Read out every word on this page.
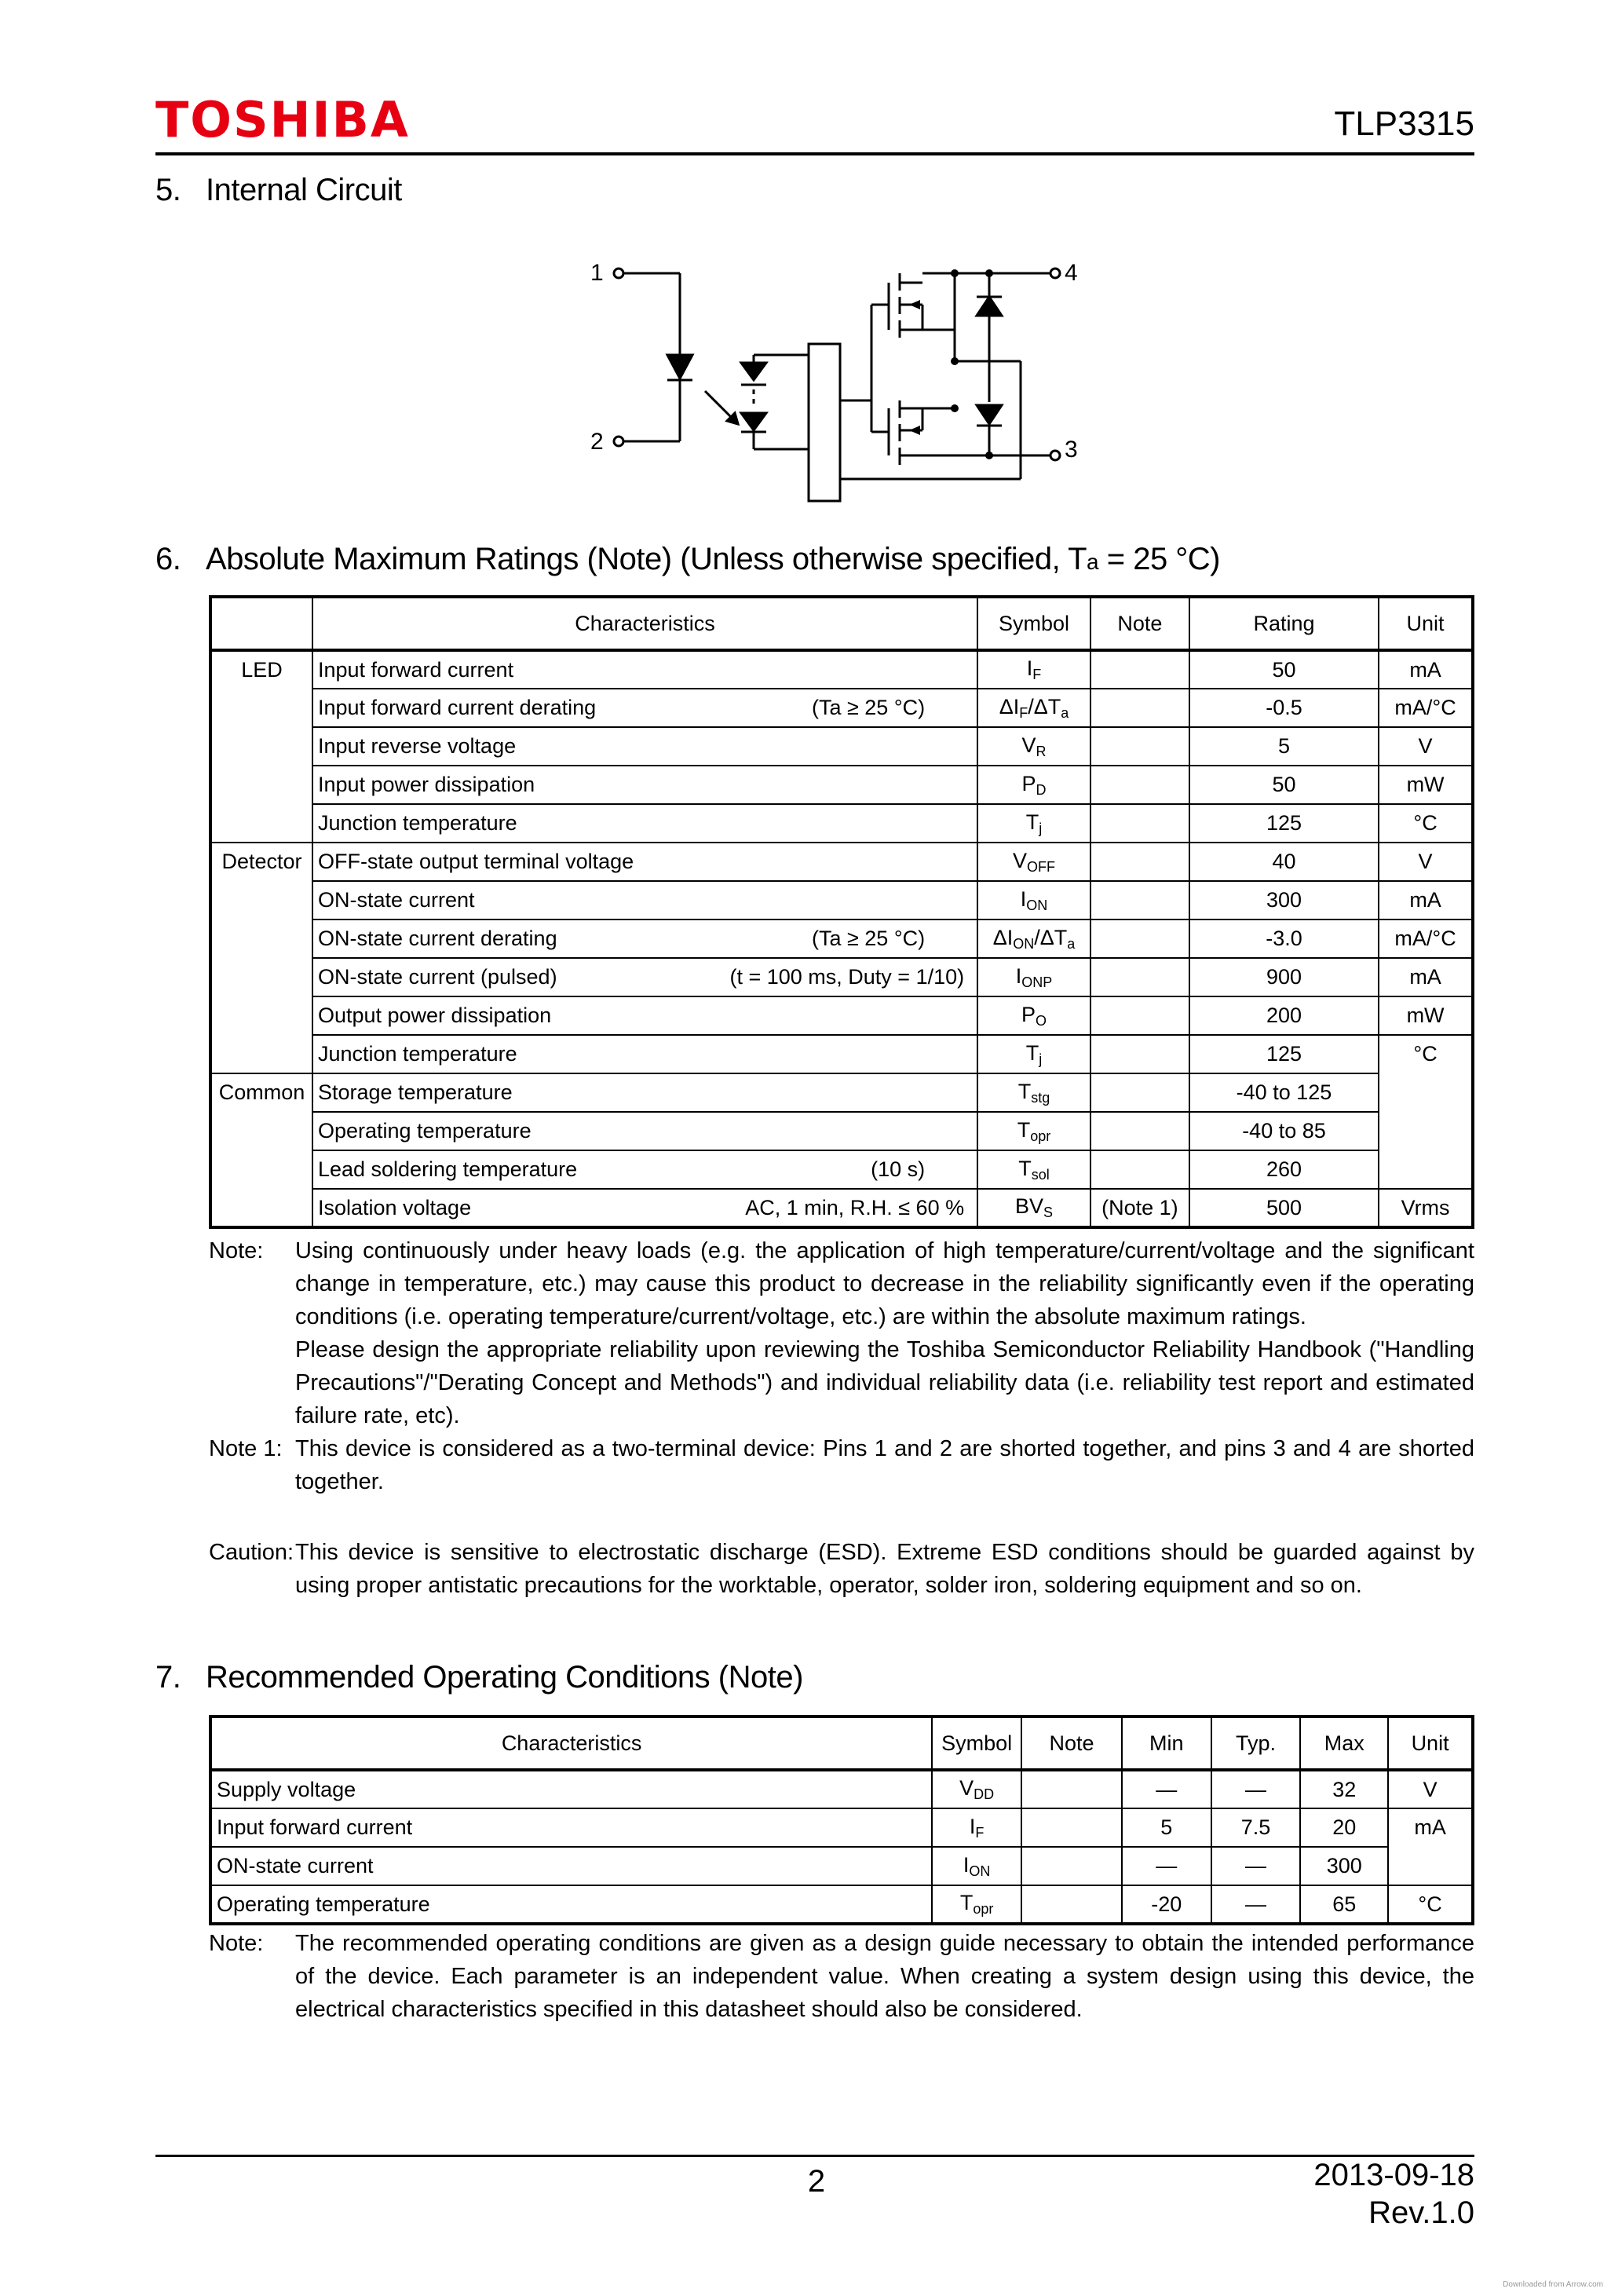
TOSHIBA	TLP3315
5. Internal Circuit
1
2	3
4
6. Absolute Maximum Ratings (Note) (Unless otherwise specified, Ta = 25 °C)
	Characteristics	Symbol	Note	Rating	Unit
LED	Input forward current	$I_F$		50	mA
	Input forward current derating (Ta ≥ 25 °C)	$\Delta I_F/\Delta T_a$		-0.5	mA/°C
	Input reverse voltage	$V_R$		5	V
	Input power dissipation	$P_D$		50	mW
	Junction temperature	$T_j$		125	°C
Detector	OFF-state output terminal voltage	$V_{OFF}$		40	V
	ON-state current	$I_{ON}$		300	mA
	ON-state current derating (Ta ≥ 25 °C)	$\Delta I_{ON}/\Delta T_a$		-3.0	mA/°C
	ON-state current (pulsed) (t = 100 ms, Duty = 1/10)	$I_{ONP}$		900	mA
	Output power dissipation	$P_O$		200	mW
	Junction temperature	$T_j$		125	°C
Common	Storage temperature	$T_{stg}$		-40 to 125	
	Operating temperature	$T_{opr}$		-40 to 85	
	Lead soldering temperature (10 s)	$T_{sol}$		260	
	Isolation voltage AC, 1 min, R.H. ≤ 60 %	$BV_S$	(Note 1)	500	Vrms
Note:	Using continuously under heavy loads (e.g. the application of high temperature/current/voltage and the significant change in temperature, etc.) may cause this product to decrease in the reliability significantly even if the operating conditions (i.e. operating temperature/current/voltage, etc.) are within the absolute maximum ratings.

Please design the appropriate reliability upon reviewing the Toshiba Semiconductor Reliability Handbook ("Handling Precautions"/"Derating Concept and Methods") and individual reliability data (i.e. reliability test report and estimated failure rate, etc).

Note 1: This device is considered as a two-terminal device: Pins 1 and 2 are shorted together, and pins 3 and 4 are shorted together.
Caution: This device is sensitive to electrostatic discharge (ESD). Extreme ESD conditions should be guarded against by using proper antistatic precautions for the worktable, operator, solder iron, soldering equipment and so on.
7. Recommended Operating Conditions (Note)
Characteristics	Symbol	Note	Min	Typ.	Max	Unit
Supply voltage	$V_{DD}$		—	—	32	V
Input forward current	$I_F$		5	7.5	20	mA
ON-state current	$I_{ON}$		—	—	300	
Operating temperature	$T_{opr}$		-20	—	65	°C
Note:	The recommended operating conditions are given as a design guide necessary to obtain the intended performance of the device. Each parameter is an independent value. When creating a system design using this device, the electrical characteristics specified in this datasheet should also be considered.
2	2013-09-18
Rev.1.0
Downloaded from Arrow.com
